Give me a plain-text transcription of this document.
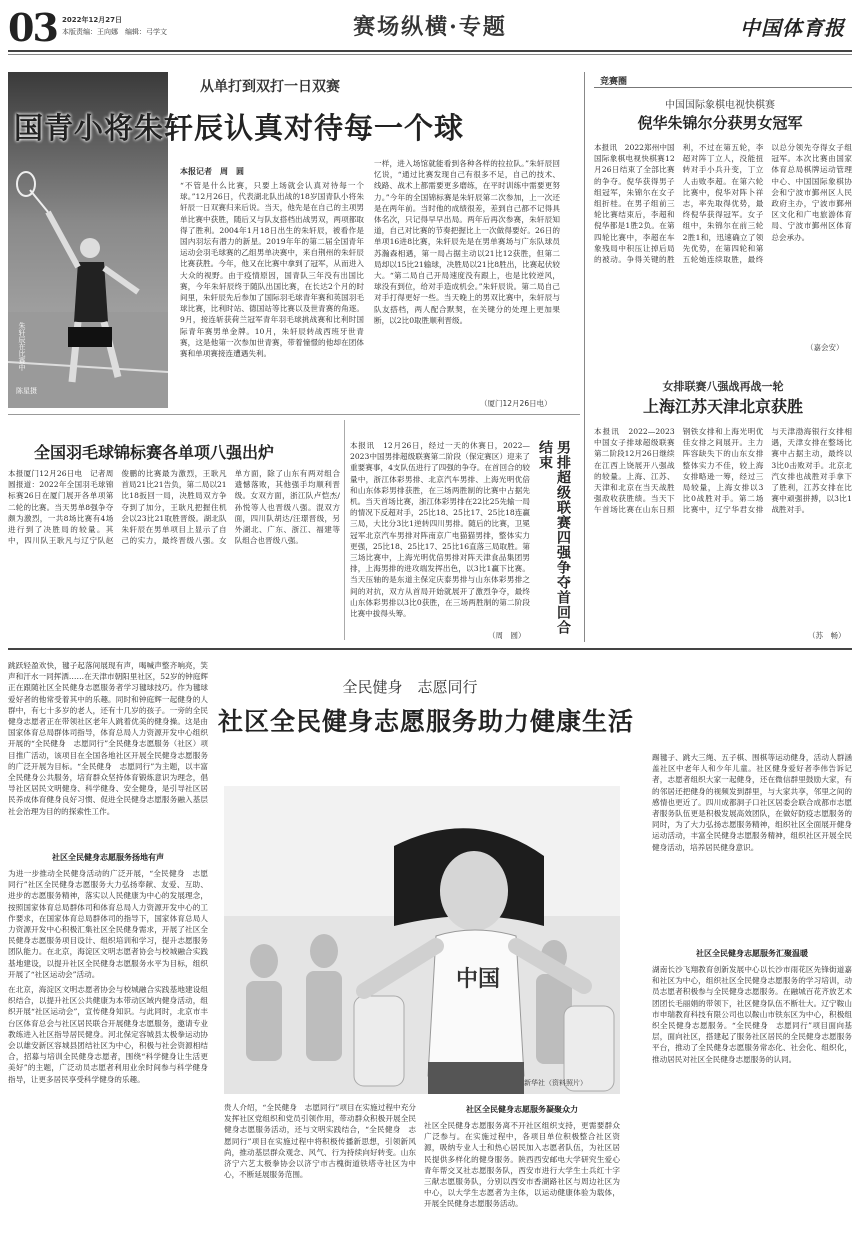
03 2022年12月27日
本版责编：王向娜　编辑：弓学文	赛场纵横·专题	中国体育报
从单打到双打一日双赛
朱轩辰在比赛中
陈星摄
国青小将朱轩辰认真对待每一个球
本报记者　周　圆
“不管是什么比赛，只要上场就会认真对待每一个球。”12月26日，代表湖北队出战的18岁国青队小将朱轩辰一日双赛归来后说。当天，他先是在自己的主项男单比赛中获胜，随后又与队友搭档出战男双，两项都取得了胜利。2004年1月18日出生的朱轩辰，被看作是国内羽坛有潜力的新星。2019年年的第二届全国青年运动会羽毛球赛的乙组男单决赛中，来自荆州的朱轩辰比赛获胜。今年，他又在比赛中拿到了冠军，从而进入大众的视野。由于疫情原因，国青队三年没有出国比赛，今年朱轩辰终于随队出国比赛，在长达2个月的时间里，朱轩辰先后参加了国际羽毛球青年赛和英国羽毛球比赛，比利时站、德国站等比赛以及世青赛的角逐。9月，接连斩获荷兰冠军青年羽毛球挑战赛和比利时国际青年赛男单金牌。10月，朱轩辰转战西班牙世青赛，这是他第一次参加世青赛，带着憧憬的他却在团体赛和单项赛接连遭遇失利。
一样，进入场馆就能看到各种各样的拉拉队。”朱轩辰回忆说，“通过比赛发现自己有很多不足，自己的技术、线路、战术上都需要更多磨练，在平时训练中需要更努力。”今年的全国锦标赛是朱轩辰第二次参加，上一次还是在两年前。当时他的成绩很差，差到自己都不记得具体名次，只记得早早出局。两年后再次参赛，朱轩辰知道，自己对比赛的节奏把握比上一次做得要好。26日的单项16进8比赛，朱轩辰先是在男单赛场与广东队球员苏瀚森相遇，第一局占据主动以21比12获胜，但第二局却以15比21输球，决胜局以21比8胜出，比赛起伏较大。“第二局自己开局速度没有跟上，也是比较逆风，球没有到位，给对手造成机会。”朱轩辰说。第二局自己对手打得更好一些。当天晚上的男双比赛中，朱轩辰与队友搭档，两人配合默契，在关键分的处理上更加果断，以2比0取胜顺利晋级。
（厦门12月26日电）
竞赛圈
中国国际象棋电视快棋赛
倪华朱锦尔分获男女冠军
本报讯　2022郑州中国国际象棋电视快棋赛12月26日结束了全部比赛的争夺。倪华获得男子组冠军，朱锦尔在女子组折桂。在男子组前三轮比赛结束后，李超和倪华都是1胜2负。在第四轮比赛中，李超在车象残局中积压让掉后局的被动。争得关键的胜利，不过在第五轮，李超对阵丁立人，没能扭转对手小兵升变，丁立人击败李超。在第六轮比赛中，倪华对阵卜祥志，率先取得优势，最终倪华获得冠军。女子组中，朱锦尔在前三轮2胜1和，迅速确立了领先优势，在第四轮和第五轮她连续取胜，最终以总分领先夺得女子组冠军。本次比赛由国家体育总局棋牌运动管理中心、中国国际象棋协会和宁波市鄞州区人民政府主办，宁波市鄞州区文化和广电旅游体育局、宁波市鄞州区体育总会承办。
（嘉会安）
女排联赛八强战再战一轮
上海江苏天津北京获胜
本报讯　2022—2023中国女子排球超级联赛第二阶段12月26日继续在江西上饶展开八强战的较量。上海、江苏、天津和北京在当天战胜强敌收获胜绩。当天下午首场比赛在山东日照钢铁女排和上海光明优佳女排之间展开。主力阵容缺失下的山东女排整体实力不佳，较上海女排略逊一筹，经过三局较量，上海女排以3比0战胜对手。第二场比赛中，辽宁华君女排与天津渤海银行女排相遇，天津女排在整场比赛中占据主动，最终以3比0击败对手。北京北汽女排也战胜对手拿下了胜利，江苏女排在比赛中顽强拼搏，以3比1战胜对手。
（苏　畅）
全国羽毛球锦标赛各单项八强出炉
本报厦门12月26日电　记者周圆报道：2022年全国羽毛球锦标赛26日在厦门展开各单项第二轮的比赛。当天男单8强争夺颇为激烈，一共8场比赛有4场进行到了决胜局的较量。其中，四川队王耿凡与辽宁队赵俊鹏的比赛最为激烈，王耿凡首局21比21告负，第二局以21比18扳回一局，决胜局双方争夺到了加分，王耿凡把握住机会以23比21取胜晋级。湖北队朱轩辰在男单项目上显示了自己的实力，最终晋级八强。女单方面，除了山东有两对组合遗憾落败，其他强手均顺利晋级。女双方面，浙江队卢恺杰/孙悦等人也晋级八强。混双方面，四川队胡达/汪璟晋级，另外湖北、广东、浙江、福建等队组合也晋级八强。
本报讯　12月26日，经过一天的休赛日，2022—2023中国男排超级联赛第二阶段（保定赛区）迎来了重要赛事，4支队伍进行了四强的争夺。在首回合的较量中，浙江体彩男排、北京汽车男排、上海光明优倍和山东体彩男排获胜，在三场两胜制的比赛中占据先机。当天首场比赛，浙江体彩男排在22比25先输一局的情况下反超对手，25比18、25比17、25比18连赢三局，大比分3比1逆转四川男排。随后的比赛，卫冕冠军北京汽车男排对阵南京广电猫猫男排，整体实力更强，25比18、25比17、25比16直落三局取胜。第三场比赛中，上海光明优倍男排对阵天津食品集团男排，上海男排的进攻端发挥出色，以3比1赢下比赛。当天压轴的是东道主保定庆泰男排与山东体彩男排之间的对抗，双方从首局开始就展开了激烈争夺，最终山东体彩男排以3比0获胜，在三场两胜制的第二阶段比赛中拔得头筹。	男排超级联赛四强争夺首回合结束
（周　圆）
跳跃轻盈欢快，毽子起落间展现有声，喝喊声整齐响亮，笑声和汗水一同挥洒……在天津市朝阳里社区，52岁的钟庭辉正在跟随社区全民健身志愿服务者学习毽球技巧。作为毽球爱好者的他常受着其中的乐趣。同时和钟庭辉一起健身的人群中，有七十多岁的老人，还有十几岁的孩子。一旁的全民健身志愿者正在带领社区老年人跳着优美的健身操。这是由国家体育总局群体司指导，体育总局人力资源开发中心组织开展的“全民健身　志愿同行”全民健身志愿服务（社区）项目推广活动，该项目在全国各地社区开展全民健身志愿服务的广泛开展为目标。“全民健身　志愿同行”为主题，以丰富全民健身公共服务，培育群众坚持体育锻炼意识为理念，倡导社区居民文明健身、科学健身、安全健身，是引导社区居民养成体育健身良好习惯、促进全民健身志愿服务融入基层社会治理为目的的探索性工作。
社区全民健身志愿服务扬地有声
为进一步推动全民健身活动的广泛开展，“全民健身　志愿同行”社区全民健身志愿服务大力弘扬奉献、友爱、互助、进步的志愿服务精神，落实以人民健康为中心的发展理念，按照国家体育总局群体司和体育总局人力资源开发中心的工作要求，在国家体育总局群体司的指导下，国家体育总局人力资源开发中心积极汇集社区全民健身需求，开展了社区全民健身志愿服务项目设计、组织培训和学习，提升志愿服务团队能力。在北京，海淀区文明志愿者协会与校城融合实践基地建设，以提升社区全民健身志愿服务水平为目标，组织开展了“社区运动会”活动。
在北京，海淀区文明志愿者协会与校城融合实践基地建设组织结合，以提升社区公共健康为本带动区域内健身活动，组织开展“社区运动会”，宣传健身知识。与此同时，北京市丰台区体育总会与社区居民联合开展健身志愿服务，邀请专业教练进入社区指导居民健身。河北保定容城县太极拳运动协会以雄安新区容城县团结社区为中心，积极与社会资源相结合，招募与培训全民健身志愿者，围绕“科学健身让生活更美好”的主题，广泛动员志愿者利用业余时间参与科学健身指导，让更多居民享受科学健身的乐趣。
全民健身　志愿同行
社区全民健身志愿服务助力健康生活
中国
新华社（资料照片）
贵人介绍，“全民健身　志愿同行”项目在实施过程中充分发挥社区党组织和党员引领作用，带动群众积极开展全民健身志愿服务活动，还与文明实践结合，“全民健身　志愿同行”项目在实施过程中将积极传播新思想，引领新风尚，推动基层群众观念、风气、行为持续向好转变。山东济宁六艺太极拳协会以济宁市古槐街道铁塔寺社区为中心，不断延展服务范围。
社区全民健身志愿服务凝聚众力
社区全民健身志愿服务离不开社区组织支持，更需要群众广泛参与。在实施过程中，各项目单位积极整合社区资源，吸纳专业人士和热心居民加入志愿者队伍，为社区居民提供多样化的健身服务。陕西西安邮电大学研究生爱心青年帮交叉社志愿服务队，西安市进行大学生士兵红十字三献志愿服务队，分别以西安市香湖路社区与周边社区为中心，以大学生志愿者为主体，以运动健康体验为载体，开展全民健身志愿服务活动。
踢毽子、跳大三绳、五子棋、围棋等运动健身，活动人群涵盖社区中老年人和少年儿童。社区健身爱好者李伟告诉记者，志愿者组织大家一起健身，还在微信群里鼓励大家，有的邻居还把健身的视频发到群里，与大家共享，邻里之间的感情也更近了。四川成都洞子口社区居委会联合成都市志愿者服务队伍更是积极发展高效团队，在做好防疫志愿服务的同时，为了大力弘扬志愿服务精神，组织社区全面展开健身运动活动，丰富全民健身志愿服务精神，组织社区开展全民健身活动，培养居民健身意识。
社区全民健身志愿服务汇聚温暖
湖南长沙飞翔教育创新发展中心以长沙市雨花区先锋街道嘉和社区为中心，组织社区全民健身志愿服务的学习培训，动员志愿者积极参与全民健身志愿服务。在融城百花齐放艺术团团长毛丽娟的带领下，社区健身队伍不断壮大。辽宁鞍山市申瑞教育科技有限公司也以鞍山市铁东区为中心，积极组织全民健身志愿服务。“全民健身　志愿同行”项目面向基层，面向社区，搭建起了服务社区居民的全民健身志愿服务平台，推动了全民健身志愿服务常态化、社会化、组织化，推动居民对社区全民健身志愿服务的认同。
